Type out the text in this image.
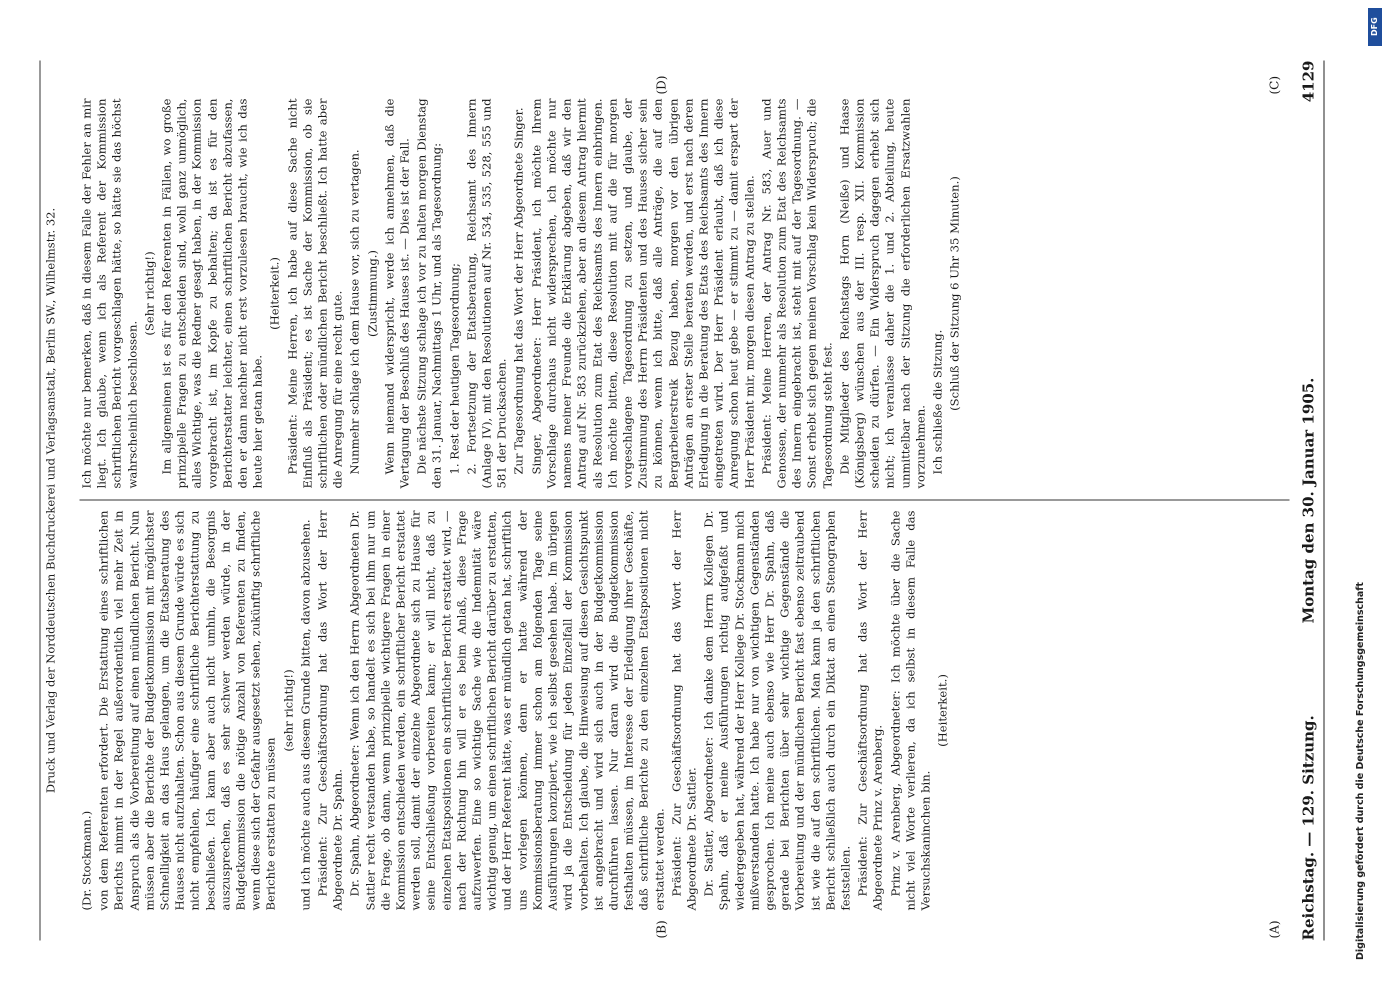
Reichstag. — 129. Sitzung.
Montag den 30. Januar 1905.
4129
(A)
(B)
(C)
(D)

(Dr. Stockmann.) von dem Referenten erfordert. Die Erstattung eines schriftlichen Berichts nimmt in der Regel außerordentlich viel mehr Zeit in Anspruch als die Vorbereitung auf einen mündlichen Bericht. Nun müssen aber die Berichte der Budgetkommission mit möglichster Schnelligkeit an das Haus gelangen, um die Etatsberatung des Hauses nicht aufzuhalten. Schon aus diesem Grunde würde es sich nicht empfehlen, häufiger eine schriftliche Berichterstattung zu beschließen. Ich kann aber auch nicht umhin, die Besorgnis auszusprechen, daß es sehr schwer werden würde, in der Budgetkommission die nötige Anzahl von Referenten zu finden, wenn diese sich der Gefahr ausgesetzt sehen, zukünftig schriftliche Berichte erstatten zu müssen

(sehr richtig!) und ich möchte auch aus diesem Grunde bitten, davon abzusehen. Präsident: Zur Geschäftsordnung hat das Wort der Herr Abgeordnete Dr. Spahn. Dr. Spahn, Abgeordneter: Wenn ich den Herrn Abgeordneten Dr. Sattler recht verstanden habe, so handelt es sich bei ihm nur um die Frage, ob dann, wenn prinzipielle wichtigere Fragen in einer Kommission entschieden werden, ein schriftlicher Bericht erstattet werden soll, damit der einzelne Abgeordnete sich zu Hause für seine Entschließung vorbereiten kann; er will nicht, daß zu einzelnen Etatspositionen ein schriftlicher Bericht erstattet wird, — nach der Richtung hin will er es beim Anlaß, diese Frage aufzuwerfen. Eine so wichtige Sache wie die Indemnität wäre wichtig genug, um einen schriftlichen Bericht darüber zu erstatten, und der Herr Referent hätte, was er mündlich getan hat, schriftlich uns vorlegen können, denn er hatte während der Kommissionsberatung immer schon am folgenden Tage seine Ausführungen konzipiert, wie ich selbst gesehen habe. Im übrigen wird ja die Entscheidung für jeden Einzelfall der Kommission vorbehalten. Ich glaube, die Hinweisung auf diesen Gesichtspunkt ist angebracht und wird sich auch in der Budgetkommission durchführen lassen. Nur daran wird die Budgetkommission festhalten müssen, im Interesse der Erledigung ihrer Geschäfte, daß schriftliche Berichte zu den einzelnen Etatspositionen nicht erstattet werden. Präsident: Zur Geschäftsordnung hat das Wort der Herr Abgeordnete Dr. Sattler. Dr. Sattler, Abgeordneter: Ich danke dem Herrn Kollegen Dr. Spahn, daß er meine Ausführungen richtig aufgefaßt und wiedergegeben hat, während der Herr Kollege Dr. Stockmann mich mißverstanden hatte. Ich habe nur von wichtigen Gegenständen gesprochen. Ich meine auch ebenso wie Herr Dr. Spahn, daß gerade bei Berichten über sehr wichtige Gegenstände die Vorbereitung und der mündlichen Bericht fast ebenso zeitraubend ist wie die auf den schriftlichen. Man kann ja den schriftlichen Bericht schließlich auch durch ein Diktat an einen Stenographen feststellen. Präsident: Zur Geschäftsordnung hat das Wort der Herr Abgeordnete Prinz v. Arenberg. Prinz v. Arenberg, Abgeordneter: Ich möchte über die Sache nicht viel Worte verlieren, da ich selbst in diesem Falle das Versuchskaninchen bin.

(Heiterkeit.)

Ich möchte nur bemerken, daß in diesem Falle der Fehler an mir liegt. Ich glaube, wenn ich als Referent der Kommission schriftlichen Bericht vorgeschlagen hätte, so hätte sie das höchst wahrscheinlich beschlossen.

(Sehr richtig!) Im allgemeinen ist es für den Referenten in Fällen, wo große prinzipielle Fragen zu entscheiden sind, wohl ganz unmöglich, alles Wichtige, was die Redner gesagt haben, in der Kommission vorgebracht ist, im Kopfe zu behalten; da ist es für den Berichterstatter leichter, einen schriftlichen Bericht abzufassen, den er dann nachher nicht erst vorzulesen braucht, wie ich das heute hier getan habe.

(Heiterkeit.) Präsident: Meine Herren, ich habe auf diese Sache nicht Einfluß als Präsident; es ist Sache der Kommission, ob sie schriftlichen oder mündlichen Bericht beschließt. Ich hatte aber die Anregung für eine recht gute. Nunmehr schlage ich dem Hause vor, sich zu vertagen. (Zustimmung.) Wenn niemand widerspricht, werde ich annehmen, daß die Vertagung der Beschluß des Hauses ist. — Dies ist der Fall. Die nächste Sitzung schlage ich vor zu halten morgen Dienstag den 31. Januar, Nachmittags 1 Uhr, und als Tagesordnung: 1. Rest der heutigen Tagesordnung; 2. Fortsetzung der Etatsberatung, Reichsamt des Innern (Anlage IV), mit den Resolutionen auf Nr. 534, 535, 528, 555 und 581 der Drucksachen. Zur Tagesordnung hat das Wort der Herr Abgeordnete Singer. Singer, Abgeordneter: Herr Präsident, ich möchte Ihrem Vorschlage durchaus nicht widersprechen, ich möchte nur namens meiner Freunde die Erklärung abgeben, daß wir den Antrag auf Nr. 583 zurückziehen, aber an diesem Antrag hiermit als Resolution zum Etat des Reichsamts des Innern einbringen. Ich möchte bitten, diese Resolution mit auf die für morgen vorgeschlagene Tagesordnung zu setzen, und glaube, der Zustimmung des Herrn Präsidenten und des Hauses sicher sein zu können, wenn ich bitte, daß alle Anträge, die auf den Bergarbeiterstreik Bezug haben, morgen vor den übrigen Anträgen an erster Stelle beraten werden, und erst nach deren Erledigung in die Beratung des Etats des Reichsamts des Innern eingetreten wird. Der Herr Präsident erlaubt, daß ich diese Anregung schon heut gebe — er stimmt zu — damit erspart der Herr Präsident mir, morgen diesen Antrag zu stellen. Präsident: Meine Herren, der Antrag Nr. 583, Auer und Genossen, der nunmehr als Resolution zum Etat des Reichsamts des Innern eingebracht ist, steht mit auf der Tagesordnung. — Sonst erhebt sich gegen meinen Vorschlag kein Widerspruch; die Tagesordnung steht fest. Die Mitglieder des Reichstags Horn (Neiße) und Haase (Königsberg) wünschen aus der III. resp. XII. Kommission scheiden zu dürfen. — Ein Widerspruch dagegen erhebt sich nicht; ich veranlasse daher die 1. und 2. Abteilung, heute unmittelbar nach der Sitzung die erforderlichen Ersatzwahlen vorzunehmen. Ich schließe die Sitzung. (Schluß der Sitzung 6 Uhr 35 Minuten.)

Druck und Verlag der Norddeutschen Buchdruckerei und Verlagsanstalt, Berlin SW., Wilhelmstr. 32.	Digitalisierung gefördert durch die Deutsche Forschungsgemeinschaft
DFG
